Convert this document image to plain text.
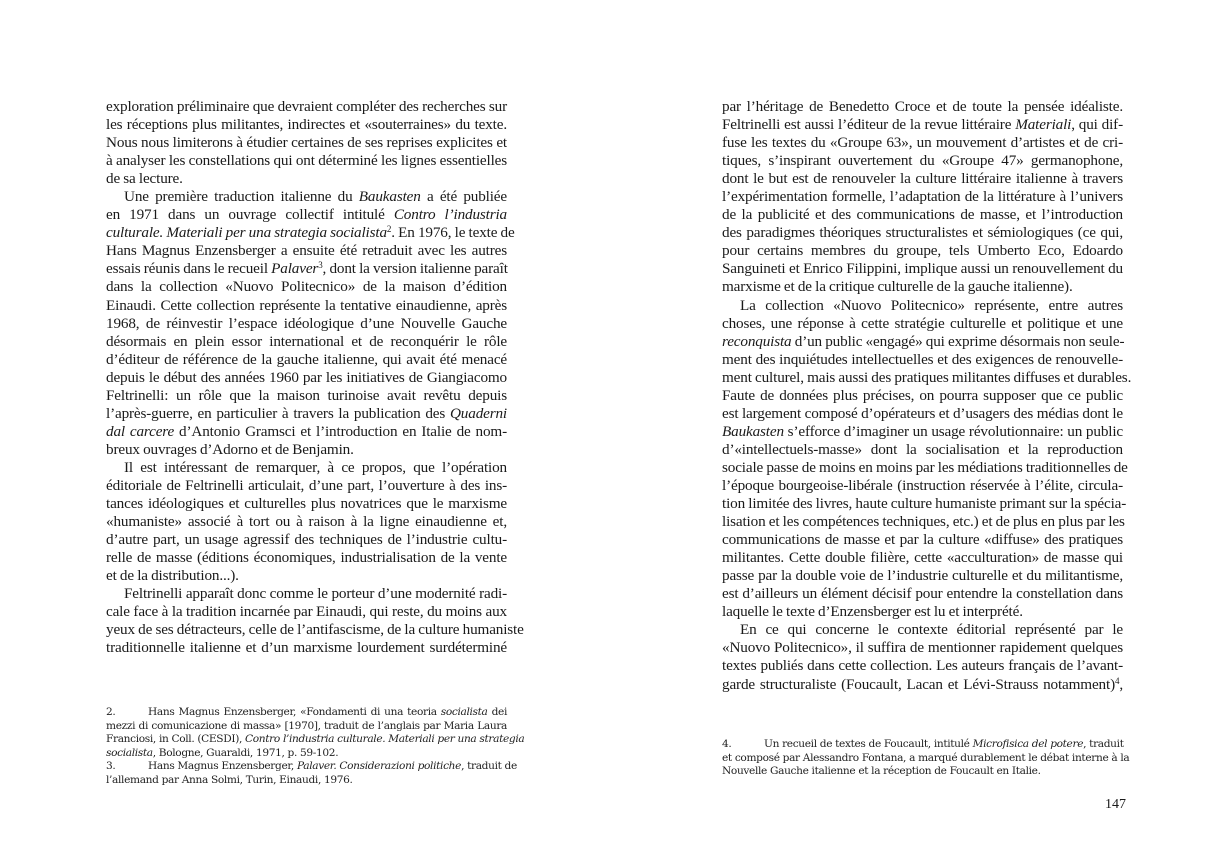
exploration préliminaire que devraient compléter des recherches sur
les réceptions plus militantes, indirectes et «souterraines» du texte.
Nous nous limiterons à étudier certaines de ses reprises explicites et
à analyser les constellations qui ont déterminé les lignes essentielles
de sa lecture.
Une première traduction italienne du Baukasten a été publiée
en 1971 dans un ouvrage collectif intitulé Contro l’industria
culturale. Materiali per una strategia socialista$^2$. En 1976, le texte de
Hans Magnus Enzensberger a ensuite été retraduit avec les autres
essais réunis dans le recueil Palaver$^3$, dont la version italienne paraît
dans la collection «Nuovo Politecnico» de la maison d’édition
Einaudi. Cette collection représente la tentative einaudienne, après
1968, de réinvestir l’espace idéologique d’une Nouvelle Gauche
désormais en plein essor international et de reconquérir le rôle
d’éditeur de référence de la gauche italienne, qui avait été menacé
depuis le début des années 1960 par les initiatives de Giangiacomo
Feltrinelli: un rôle que la maison turinoise avait revêtu depuis
l’après-guerre, en particulier à travers la publication des Quaderni
dal carcere d’Antonio Gramsci et l’introduction en Italie de nom-
breux ouvrages d’Adorno et de Benjamin.
Il est intéressant de remarquer, à ce propos, que l’opération
éditoriale de Feltrinelli articulait, d’une part, l’ouverture à des ins-
tances idéologiques et culturelles plus novatrices que le marxisme
«humaniste» associé à tort ou à raison à la ligne einaudienne et,
d’autre part, un usage agressif des techniques de l’industrie cultu-
relle de masse (éditions économiques, industrialisation de la vente
et de la distribution...).
Feltrinelli apparaît donc comme le porteur d’une modernité radi-
cale face à la tradition incarnée par Einaudi, qui reste, du moins aux
yeux de ses détracteurs, celle de l’antifascisme, de la culture humaniste
traditionnelle italienne et d’un marxisme lourdement surdéterminé
2.	Hans Magnus Enzensberger, «Fondamenti di una teoria socialista dei
mezzi di comunicazione di massa» [1970], traduit de l’anglais par Maria Laura
Franciosi, in Coll. (CESDI), Contro l’industria culturale. Materiali per una strategia
socialista, Bologne, Guaraldi, 1971, p. 59-102.
3.	Hans Magnus Enzensberger, Palaver. Considerazioni politiche, traduit de
l’allemand par Anna Solmi, Turin, Einaudi, 1976.
par l’héritage de Benedetto Croce et de toute la pensée idéaliste.
Feltrinelli est aussi l’éditeur de la revue littéraire Materiali, qui dif-
fuse les textes du «Groupe 63», un mouvement d’artistes et de cri-
tiques, s’inspirant ouvertement du «Groupe 47» germanophone,
dont le but est de renouveler la culture littéraire italienne à travers
l’expérimentation formelle, l’adaptation de la littérature à l’univers
de la publicité et des communications de masse, et l’introduction
des paradigmes théoriques structuralistes et sémiologiques (ce qui,
pour certains membres du groupe, tels Umberto Eco, Edoardo
Sanguineti et Enrico Filippini, implique aussi un renouvellement du
marxisme et de la critique culturelle de la gauche italienne).
La collection «Nuovo Politecnico» représente, entre autres
choses, une réponse à cette stratégie culturelle et politique et une
reconquista d’un public «engagé» qui exprime désormais non seule-
ment des inquiétudes intellectuelles et des exigences de renouvelle-
ment culturel, mais aussi des pratiques militantes diffuses et durables.
Faute de données plus précises, on pourra supposer que ce public
est largement composé d’opérateurs et d’usagers des médias dont le
Baukasten s’efforce d’imaginer un usage révolutionnaire: un public
d’«intellectuels-masse» dont la socialisation et la reproduction
sociale passe de moins en moins par les médiations traditionnelles de
l’époque bourgeoise-libérale (instruction réservée à l’élite, circula-
tion limitée des livres, haute culture humaniste primant sur la spécia-
lisation et les compétences techniques, etc.) et de plus en plus par les
communications de masse et par la culture «diffuse» des pratiques
militantes. Cette double filière, cette «acculturation» de masse qui
passe par la double voie de l’industrie culturelle et du militantisme,
est d’ailleurs un élément décisif pour entendre la constellation dans
laquelle le texte d’Enzensberger est lu et interprété.
En ce qui concerne le contexte éditorial représenté par le
«Nuovo Politecnico», il suffira de mentionner rapidement quelques
textes publiés dans cette collection. Les auteurs français de l’avant-
garde structuraliste (Foucault, Lacan et Lévi-Strauss notamment)$^4$,
4.	Un recueil de textes de Foucault, intitulé Microfisica del potere, traduit
et composé par Alessandro Fontana, a marqué durablement le débat interne à la
Nouvelle Gauche italienne et la réception de Foucault en Italie.
147
